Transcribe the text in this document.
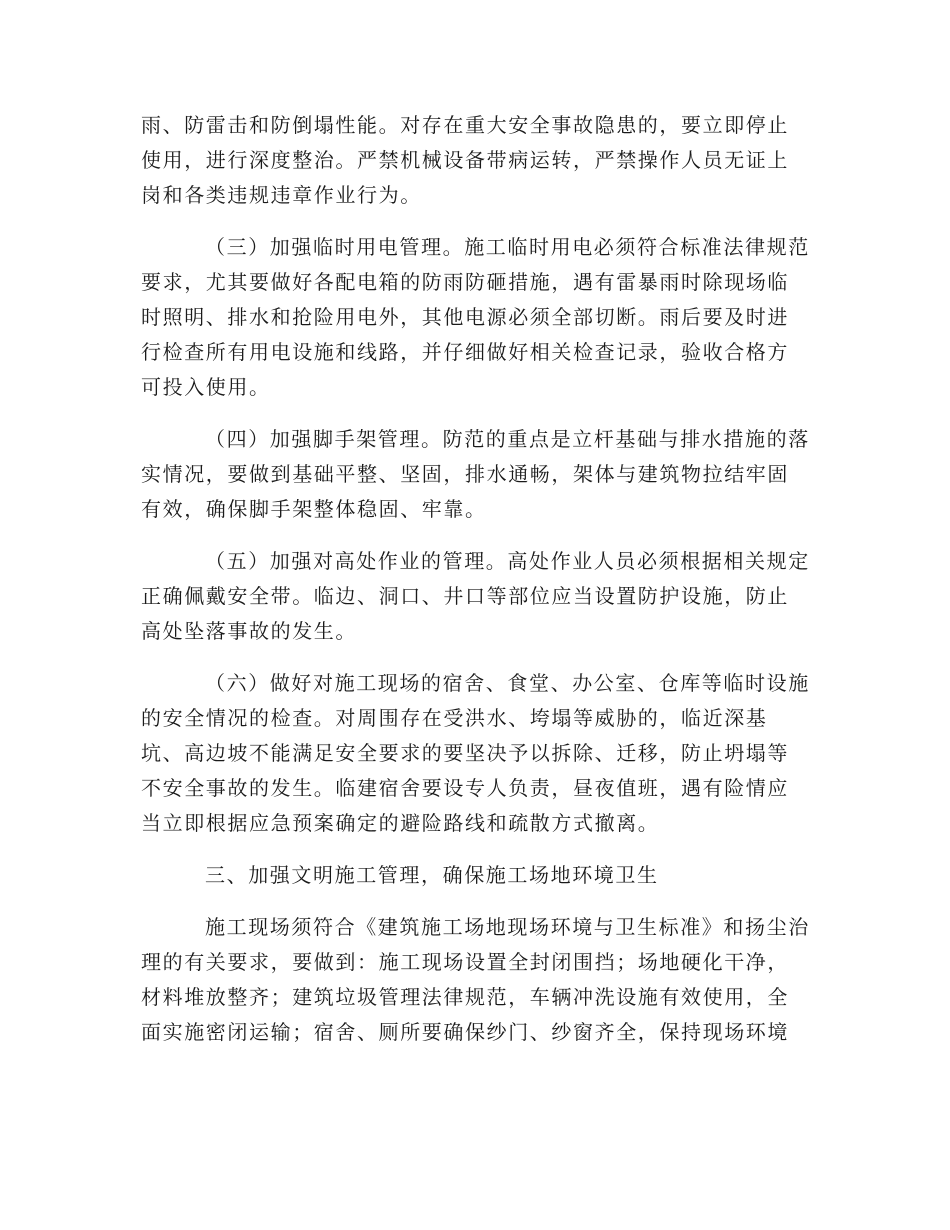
雨、防雷击和防倒塌性能。对存在重大安全事故隐患的，要立即停止
使用，进行深度整治。严禁机械设备带病运转，严禁操作人员无证上
岗和各类违规违章作业行为。

（三）加强临时用电管理。施工临时用电必须符合标准法律规范
要求，尤其要做好各配电箱的防雨防砸措施，遇有雷暴雨时除现场临
时照明、排水和抢险用电外，其他电源必须全部切断。雨后要及时进
行检查所有用电设施和线路，并仔细做好相关检查记录，验收合格方
可投入使用。

（四）加强脚手架管理。防范的重点是立杆基础与排水措施的落
实情况，要做到基础平整、坚固，排水通畅，架体与建筑物拉结牢固
有效，确保脚手架整体稳固、牢靠。

（五）加强对高处作业的管理。高处作业人员必须根据相关规定
正确佩戴安全带。临边、洞口、井口等部位应当设置防护设施，防止
高处坠落事故的发生。

（六）做好对施工现场的宿舍、食堂、办公室、仓库等临时设施
的安全情况的检查。对周围存在受洪水、垮塌等威胁的，临近深基
坑、高边坡不能满足安全要求的要坚决予以拆除、迁移，防止坍塌等
不安全事故的发生。临建宿舍要设专人负责，昼夜值班，遇有险情应
当立即根据应急预案确定的避险路线和疏散方式撤离。

三、加强文明施工管理，确保施工场地环境卫生

施工现场须符合《建筑施工场地现场环境与卫生标准》和扬尘治
理的有关要求，要做到：施工现场设置全封闭围挡；场地硬化干净，
材料堆放整齐；建筑垃圾管理法律规范，车辆冲洗设施有效使用，全
面实施密闭运输；宿舍、厕所要确保纱门、纱窗齐全，保持现场环境
